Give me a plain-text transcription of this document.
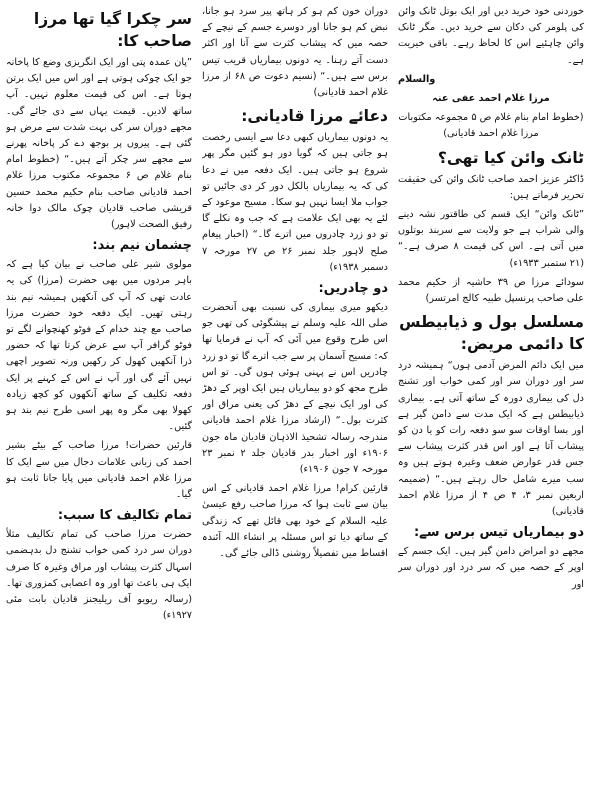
خوردنی خود خرید دیں اور ایک بوتل ٹانک وائن کی پلومر کی دکان سے خرید دیں۔ مگر ٹانک وائن چاہئیے اس کا لحاظ رہے۔ باقی خیریت ہے۔

والسلام

مرزا غلام احمد عفی عنہ

(خطوط امام بنام غلام ص ۵ مجموعہ مکتوبات مرزا غلام احمد قادیانی)

ٹانک وائن کیا تھی؟

ڈاکٹر عزیز احمد صاحب ٹانک وائن کی حقیقت تحریر فرماتے ہیں:

”ٹانک وائن“ ایک قسم کی طاقتور نشہ دینے والی شراب ہے جو ولایت سے سربند بوتلوں میں آتی ہے۔ اس کی قیمت ۸ صرف ہے۔“ (۲۱ ستمبر ۱۹۳۳ء)

سودائے مرزا ص ۳۹ حاشیہ از حکیم محمد علی صاحب پرنسپل طبیہ کالج امرتسر)

مسلسل بول و ذیابیطس کا دائمی مریض:

میں ایک دائم المرض آدمی ہوں“ ہمیشہ درد سر اور دوران سر اور کمی خواب اور تشنج دل کی بیماری دورہ کے ساتھ آتی ہے۔ بیماری ذیابیطس ہے کہ ایک مدت سے دامن گیر ہے اور بسا اوقات سو سو دفعہ رات کو یا دن کو پیشاب آتا ہے اور اس قدر کثرت پیشاب سے جس قدر عوارض ضعف وغیرہ ہوتے ہیں وہ سب میرے شامل حال رہتے ہیں۔“ (ضمیمہ اربعین نمبر ۳، ۴ ص ۴ از مرزا غلام احمد قادیانی)

دو بیماریاں تیس برس سے:

مجھے دو امراض دامن گیر ہیں۔ ایک جسم کے اوپر کے حصہ میں کہ سر درد اور دوران سر اور

دوران خون کم ہو کر ہاتھ پیر سرد ہو جانا، نبض کم ہو جانا اور دوسرے جسم کے نیچے کے حصہ میں کہ پیشاب کثرت سے آنا اور اکثر دست آتے رہنا۔ یہ دونوں بیماریاں قریب تیس برس سے ہیں۔“ (نسیم دعوت ص ۶۸ از مرزا غلام احمد قادیانی)

دعائے مرزا قادیانی:

یہ دونوں بیماریاں کبھی دعا سے ایسی رخصت ہو جاتی ہیں کہ گویا دور ہو گئیں مگر پھر شروع ہو جاتی ہیں۔ ایک دفعہ میں نے دعا کی کہ یہ بیماریاں بالکل دور کر دی جائیں تو جواب ملا ایسا نہیں ہو سکا۔ مسیح موعود کے لئے یہ بھی ایک علامت ہے کہ جب وہ نکلے گا تو دو زرد چادروں میں اترے گا۔“ (اخبار پیغام صلح لاہور جلد نمبر ۲۶ ص ۲۷ مورخہ ۷ دسمبر ۱۹۳۸ء)

دو چادریں:

دیکھو میری بیماری کی نسبت بھی آنحضرت صلی اللہ علیہ وسلم نے پیشگوئی کی تھی جو اس طرح وقوع میں آئی کہ آپ نے فرمایا تھا کہ: مسیح آسمان پر سے جب اترے گا تو دو زرد چادریں اس نے پہنی ہوئی ہوں گی۔ تو اس طرح مجھ کو دو بیماریاں ہیں ایک اوپر کے دھڑ کی اور ایک نیچے کے دھڑ کی یعنی مراق اور کثرت بول۔“ (ارشاد مرزا غلام احمد قادیانی مندرجہ رسالہ تشحیذ الاذہان قادیان ماہ جون ۱۹۰۶ء اور اخبار بدر قادیان جلد ۲ نمبر ۲۳ مورخہ ۷ جون ۱۹۰۶ء)

قارئین کرام! مرزا غلام احمد قادیانی کے اس بیان سے ثابت ہوا کہ مرزا صاحب رفع عیسیٰ علیہ السلام کے خود بھی قائل تھے کہ زندگی کے ساتھ دیا تو اس مسئلہ پر انشاء اللہ آئندہ اقساط میں تفصیلاً روشنی ڈالی جائے گی۔

سر چکرا گیا تھا مرزا صاحب کا:

”پان عمدہ پتی اور ایک انگریزی وضع کا پاخانہ جو ایک چوکی ہوتی ہے اور اس میں ایک برتن ہوتا ہے۔ اس کی قیمت معلوم نہیں۔ آپ ساتھ لادیں۔ قیمت یہاں سے دی جائے گی۔ مجھے دوران سر کی بہت شدت سے مرض ہو گئی ہے۔ پیروں پر بوجھ دے کر پاخانہ پھرنے سے مجھے سر چکر آتے ہیں۔“ (خطوط امام بنام غلام ص ۶ مجموعہ مکتوب مرزا غلام احمد قادیانی صاحب بنام حکیم محمد حسین قریشی صاحب قادیان چوک مالک دوا خانہ رفیق الصحت لاہور)

چشمان نیم بند:

مولوی شیر علی صاحب نے بیان کیا ہے کہ باہر مردوں میں بھی حضرت (مرزا) کی یہ عادت تھی کہ آپ کی آنکھیں ہمیشہ نیم بند رہتی تھیں۔ ایک دفعہ خود حضرت مرزا صاحب مع چند خدام کے فوٹو کھنچوانے لگے تو فوٹو گرافر آپ سے عرض کرتا تھا کہ حضور ذرا آنکھیں کھول کر رکھیں ورنہ تصویر اچھی نہیں آئے گی اور آپ نے اس کے کہنے پر ایک دفعہ تکلیف کے ساتھ آنکھوں کو کچھ زیادہ کھولا بھی مگر وہ پھر اسی طرح نیم بند ہو گئیں۔

قارئین حضرات! مرزا صاحب کے بیٹے بشیر احمد کی زبانی علامات دجال میں سے ایک کا مرزا غلام احمد قادیانی میں پایا جانا ثابت ہو گیا۔

تمام تکالیف کا سبب:

حضرت مرزا صاحب کی تمام تکالیف مثلاً دوران سر درد کمی خواب تشنج دل بدہضمی اسہال کثرت پیشاب اور مراق وغیرہ کا صرف ایک ہی باعث تھا اور وہ اعصابی کمزوری تھا۔ (رسالہ ریویو آف ریلیجنز قادیان بابت مئی ۱۹۲۷ء)
